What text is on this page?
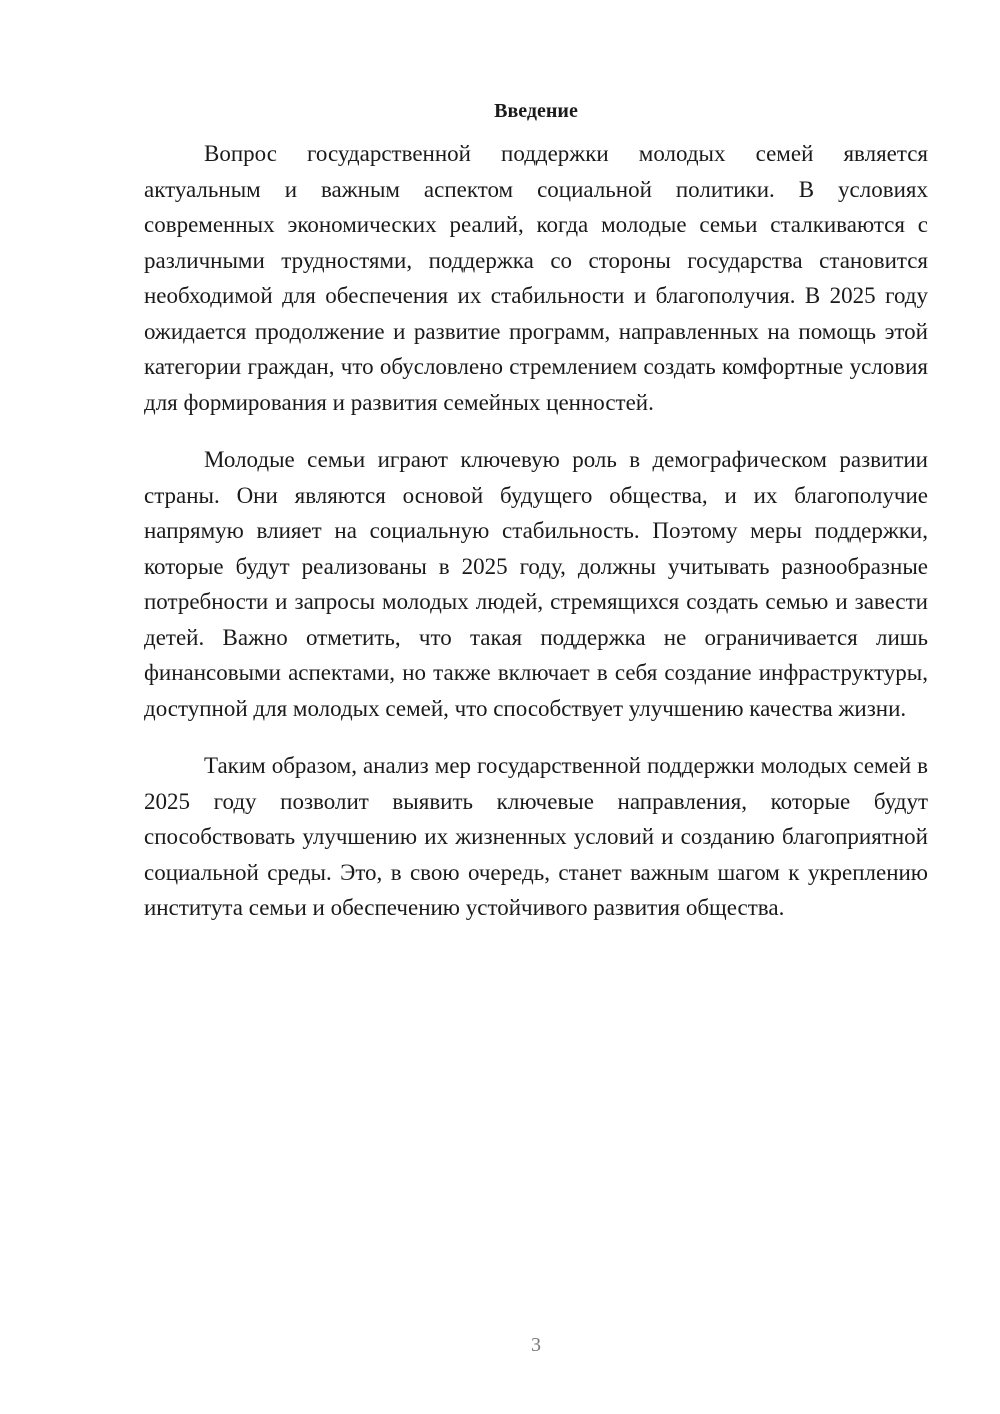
Введение

Вопрос государственной поддержки молодых семей является актуальным и важным аспектом социальной политики. В условиях современных экономических реалий, когда молодые семьи сталкиваются с различными трудностями, поддержка со стороны государства становится необходимой для обеспечения их стабильности и благополучия. В 2025 году ожидается продолжение и развитие программ, направленных на помощь этой категории граждан, что обусловлено стремлением создать комфортные условия для формирования и развития семейных ценностей.

Молодые семьи играют ключевую роль в демографическом развитии страны. Они являются основой будущего общества, и их благополучие напрямую влияет на социальную стабильность. Поэтому меры поддержки, которые будут реализованы в 2025 году, должны учитывать разнообразные потребности и запросы молодых людей, стремящихся создать семью и завести детей. Важно отметить, что такая поддержка не ограничивается лишь финансовыми аспектами, но также включает в себя создание инфраструктуры, доступной для молодых семей, что способствует улучшению качества жизни.

Таким образом, анализ мер государственной поддержки молодых семей в 2025 году позволит выявить ключевые направления, которые будут способствовать улучшению их жизненных условий и созданию благоприятной социальной среды. Это, в свою очередь, станет важным шагом к укреплению института семьи и обеспечению устойчивого развития общества.

3
